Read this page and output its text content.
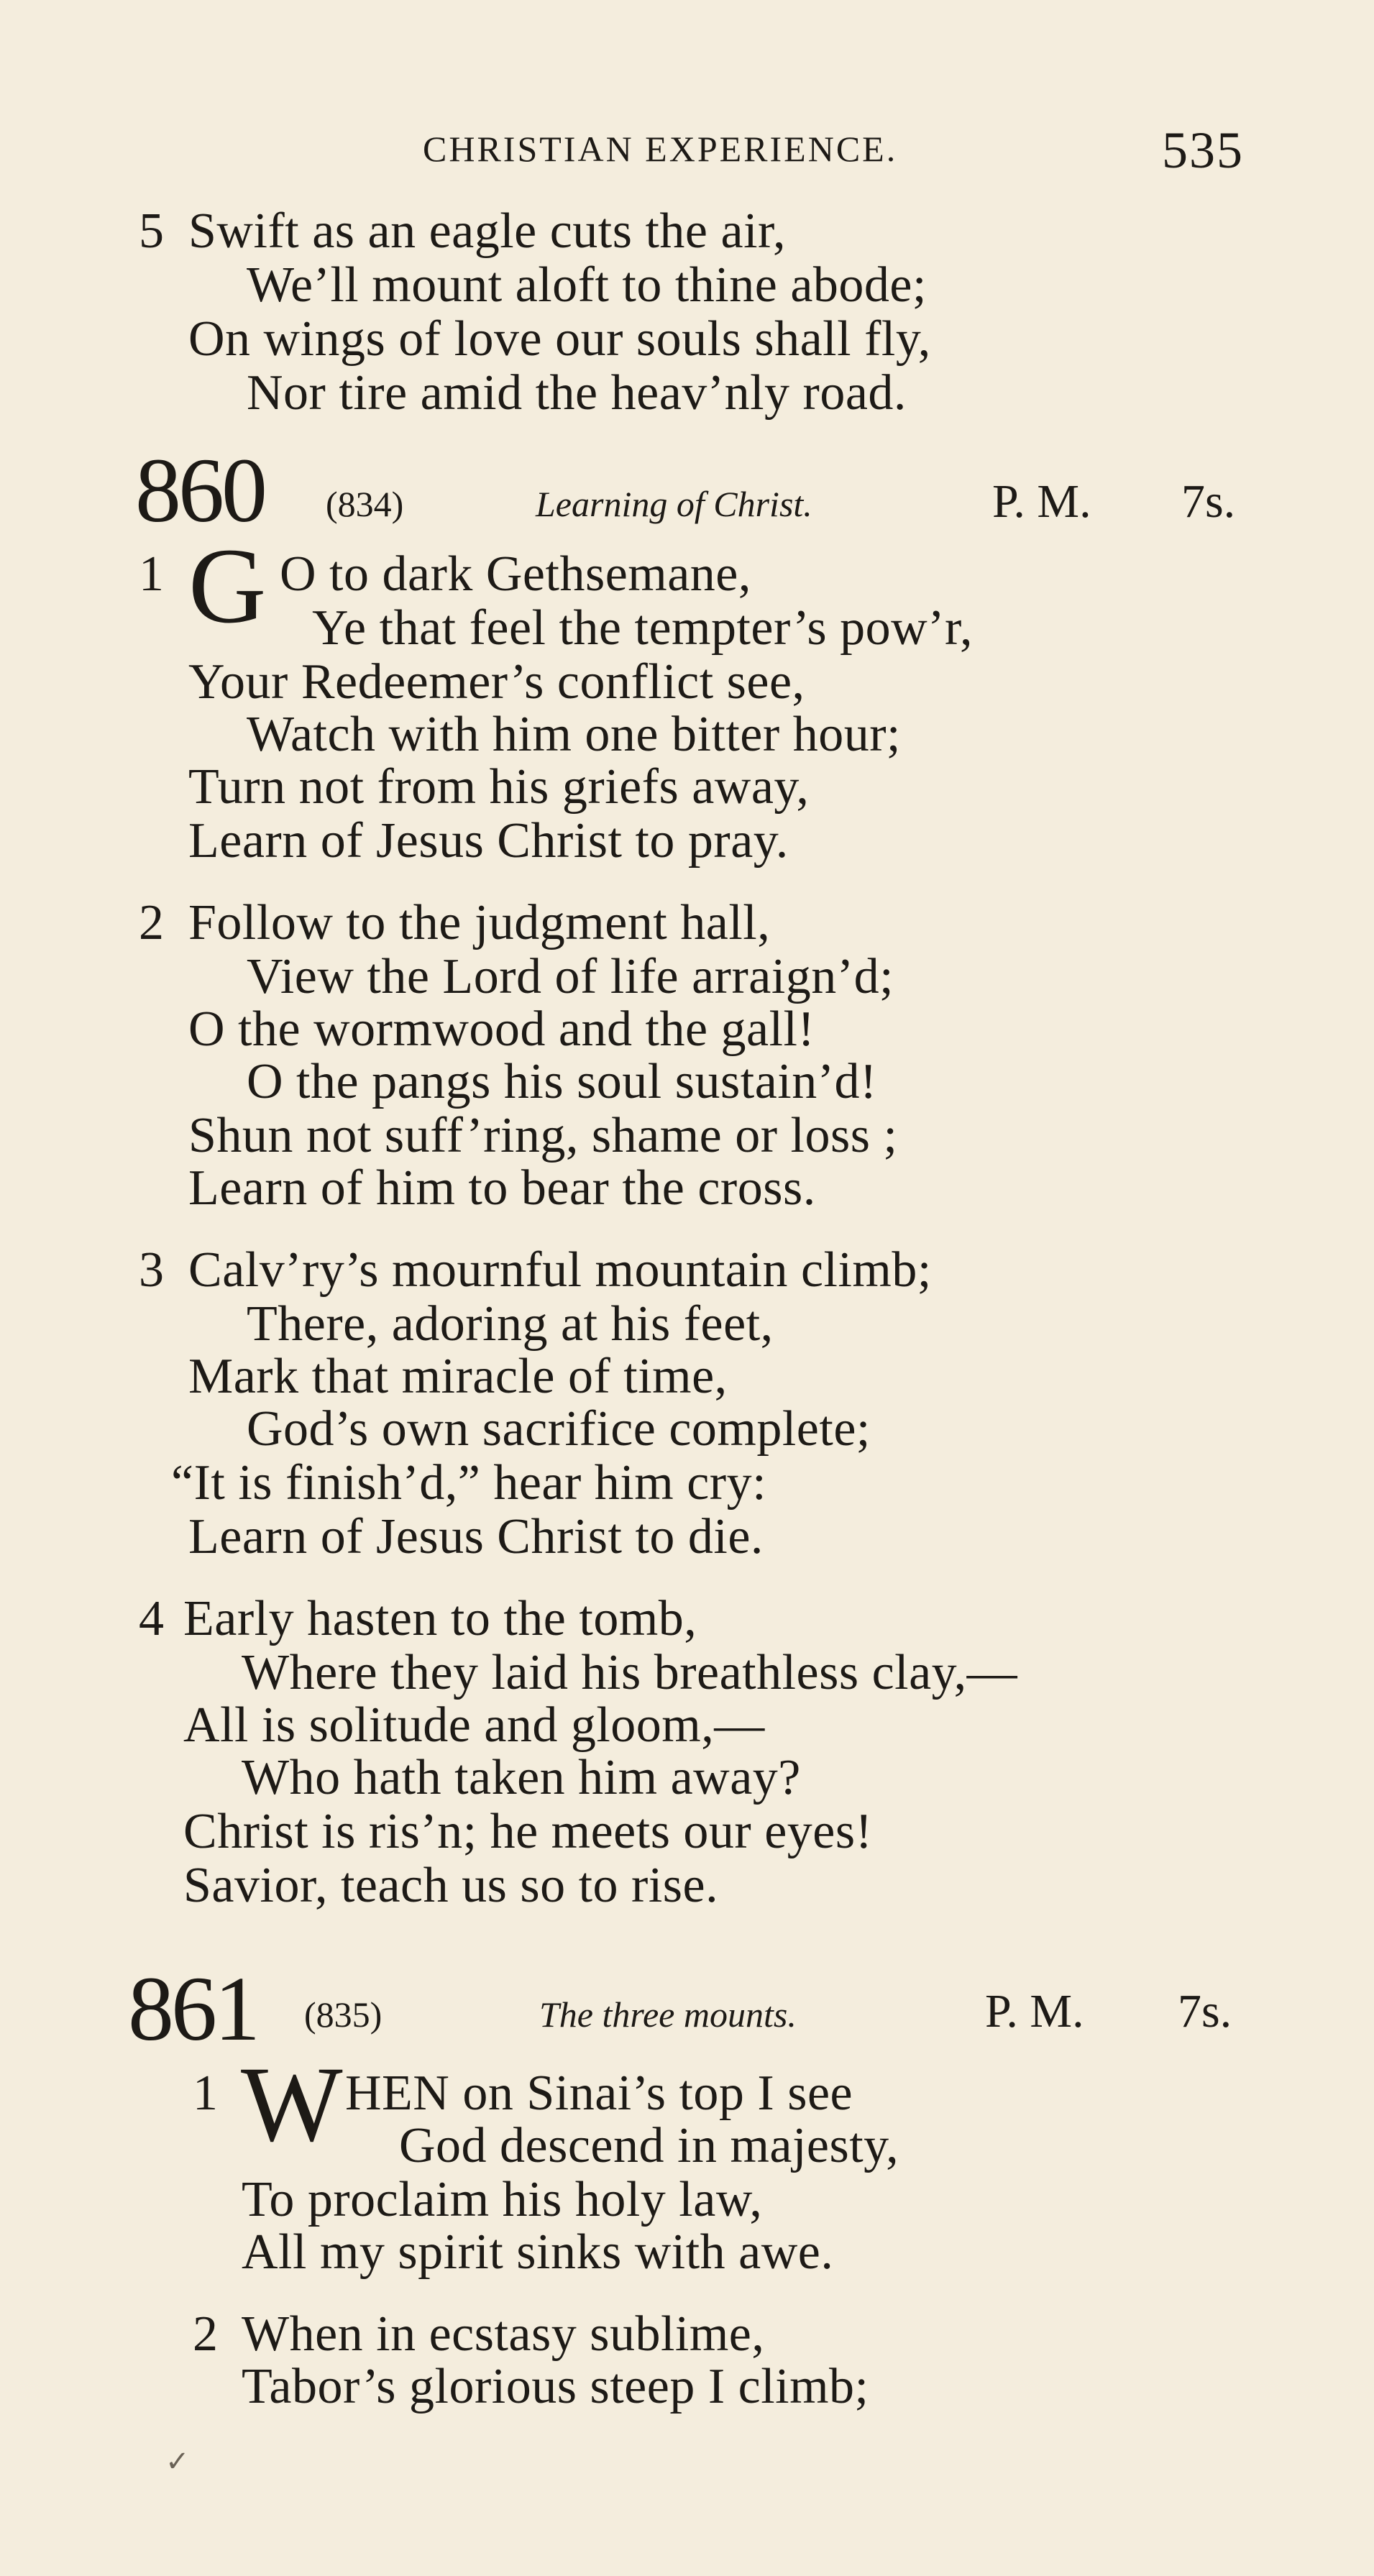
CHRISTIAN EXPERIENCE.	535
5 Swift as an eagle cuts the air,
We’ll mount aloft to thine abode;
On wings of love our souls shall fly,
Nor tire amid the heav’nly road.
860 (834)	Learning of Christ.	P. M. 7s.
1 G O to dark Gethsemane,
Ye that feel the tempter’s pow’r,
Your Redeemer’s conflict see,
Watch with him one bitter hour;
Turn not from his griefs away,
Learn of Jesus Christ to pray.
2 Follow to the judgment hall,
View the Lord of life arraign’d;
O the wormwood and the gall!
O the pangs his soul sustain’d!
Shun not suff’ring, shame or loss ;
Learn of him to bear the cross.
3 Calv’ry’s mournful mountain climb;
There, adoring at his feet,
Mark that miracle of time,
God’s own sacrifice complete;
“It is finish’d,” hear him cry:
Learn of Jesus Christ to die.
4 Early hasten to the tomb,
Where they laid his breathless clay,—
All is solitude and gloom,—
Who hath taken him away?
Christ is ris’n; he meets our eyes!
Savior, teach us so to rise.
861 (835)	The three mounts.	P. M. 7s.
1 W HEN on Sinai’s top I see
God descend in majesty,
To proclaim his holy law,
All my spirit sinks with awe.
2 When in ecstasy sublime,
Tabor’s glorious steep I climb;
✓
